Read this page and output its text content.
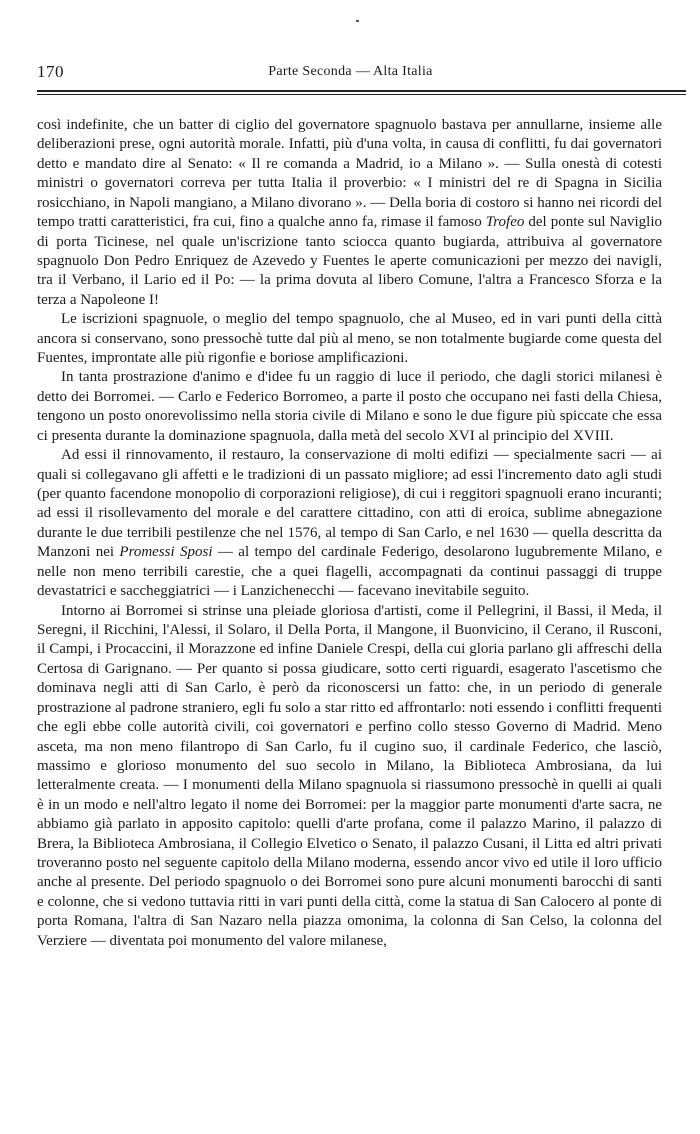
170	Parte Seconda — Alta Italia

così indefinite, che un batter di ciglio del governatore spagnuolo bastava per annullarne, insieme alle deliberazioni prese, ogni autorità morale. Infatti, più d'una volta, in causa di conflitti, fu dai governatori detto e mandato dire al Senato: « Il re comanda a Madrid, io a Milano ». — Sulla onestà di cotesti ministri o governatori correva per tutta Italia il proverbio: « I ministri del re di Spagna in Sicilia rosicchiano, in Napoli mangiano, a Milano divorano ». — Della boria di costoro si hanno nei ricordi del tempo tratti caratteristici, fra cui, fino a qualche anno fa, rimase il famoso Trofeo del ponte sul Naviglio di porta Ticinese, nel quale un'iscrizione tanto sciocca quanto bugiarda, attribuiva al governatore spagnuolo Don Pedro Enriquez de Azevedo y Fuentes le aperte comunicazioni per mezzo dei navigli, tra il Verbano, il Lario ed il Po: — la prima dovuta al libero Comune, l'altra a Francesco Sforza e la terza a Napoleone I!

Le iscrizioni spagnuole, o meglio del tempo spagnuolo, che al Museo, ed in vari punti della città ancora si conservano, sono pressochè tutte dal più al meno, se non totalmente bugiarde come questa del Fuentes, improntate alle più rigonfie e boriose amplificazioni.

In tanta prostrazione d'animo e d'idee fu un raggio di luce il periodo, che dagli storici milanesi è detto dei Borromei. — Carlo e Federico Borromeo, a parte il posto che occupano nei fasti della Chiesa, tengono un posto onorevolissimo nella storia civile di Milano e sono le due figure più spiccate che essa ci presenta durante la dominazione spagnuola, dalla metà del secolo XVI al principio del XVIII.

Ad essi il rinnovamento, il restauro, la conservazione di molti edifizi — specialmente sacri — ai quali si collegavano gli affetti e le tradizioni di un passato migliore; ad essi l'incremento dato agli studi (per quanto facendone monopolio di corporazioni religiose), di cui i reggitori spagnuoli erano incuranti; ad essi il risollevamento del morale e del carattere cittadino, con atti di eroica, sublime abnegazione durante le due terribili pestilenze che nel 1576, al tempo di San Carlo, e nel 1630 — quella descritta da Manzoni nei Promessi Sposi — al tempo del cardinale Federigo, desolarono lugubremente Milano, e nelle non meno terribili carestie, che a quei flagelli, accompagnati da continui passaggi di truppe devastatrici e saccheggiatrici — i Lanzichenecchi — facevano inevitabile seguito.

Intorno ai Borromei si strinse una pleiade gloriosa d'artisti, come il Pellegrini, il Bassi, il Meda, il Seregni, il Ricchini, l'Alessi, il Solaro, il Della Porta, il Mangone, il Buonvicino, il Cerano, il Rusconi, il Campi, i Procaccini, il Morazzone ed infine Daniele Crespi, della cui gloria parlano gli affreschi della Certosa di Garignano. — Per quanto si possa giudicare, sotto certi riguardi, esagerato l'ascetismo che dominava negli atti di San Carlo, è però da riconoscersi un fatto: che, in un periodo di generale prostrazione al padrone straniero, egli fu solo a star ritto ed affrontarlo: noti essendo i conflitti frequenti che egli ebbe colle autorità civili, coi governatori e perfino collo stesso Governo di Madrid. Meno asceta, ma non meno filantropo di San Carlo, fu il cugino suo, il cardinale Federico, che lasciò, massimo e glorioso monumento del suo secolo in Milano, la Biblioteca Ambrosiana, da lui letteralmente creata. — I monumenti della Milano spagnuola si riassumono pressochè in quelli ai quali è in un modo e nell'altro legato il nome dei Borromei: per la maggior parte monumenti d'arte sacra, ne abbiamo già parlato in apposito capitolo: quelli d'arte profana, come il palazzo Marino, il palazzo di Brera, la Biblioteca Ambrosiana, il Collegio Elvetico o Senato, il palazzo Cusani, il Litta ed altri privati troveranno posto nel seguente capitolo della Milano moderna, essendo ancor vivo ed utile il loro ufficio anche al presente. Del periodo spagnuolo o dei Borromei sono pure alcuni monumenti barocchi di santi e colonne, che si vedono tuttavia ritti in vari punti della città, come la statua di San Calocero al ponte di porta Romana, l'altra di San Nazaro nella piazza omonima, la colonna di San Celso, la colonna del Verziere — diventata poi monumento del valore milanese,
